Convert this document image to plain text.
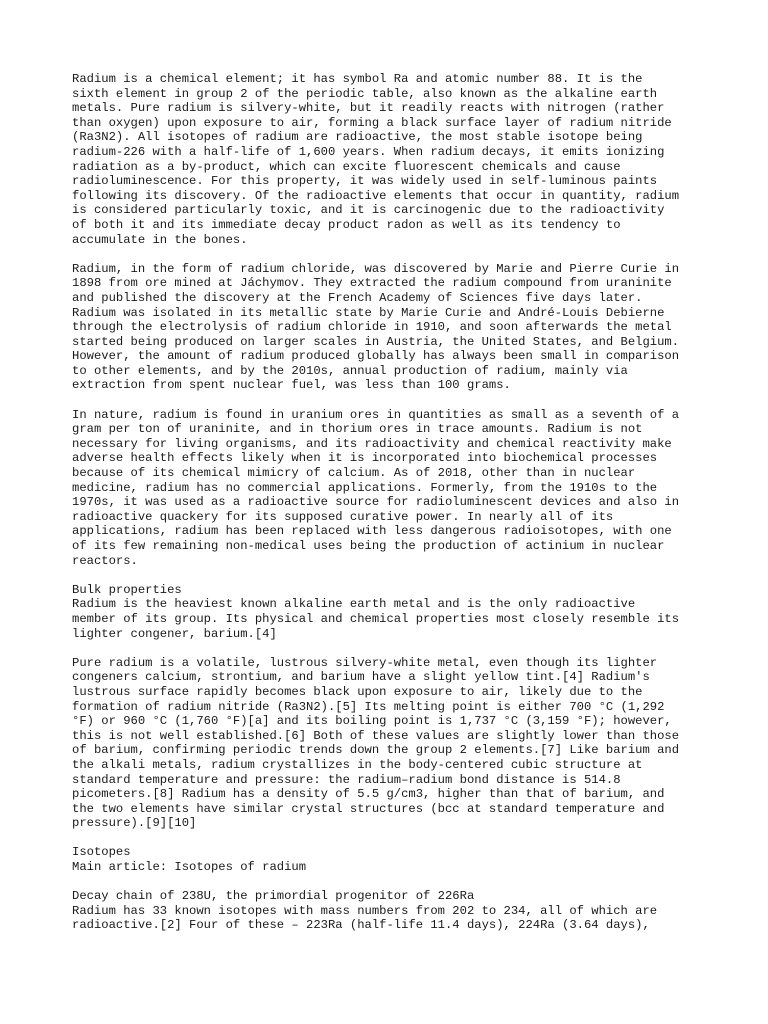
Radium is a chemical element; it has symbol Ra and atomic number 88. It is the
sixth element in group 2 of the periodic table, also known as the alkaline earth
metals. Pure radium is silvery-white, but it readily reacts with nitrogen (rather
than oxygen) upon exposure to air, forming a black surface layer of radium nitride
(Ra3N2). All isotopes of radium are radioactive, the most stable isotope being
radium-226 with a half-life of 1,600 years. When radium decays, it emits ionizing
radiation as a by-product, which can excite fluorescent chemicals and cause
radioluminescence. For this property, it was widely used in self-luminous paints
following its discovery. Of the radioactive elements that occur in quantity, radium
is considered particularly toxic, and it is carcinogenic due to the radioactivity
of both it and its immediate decay product radon as well as its tendency to
accumulate in the bones.
Radium, in the form of radium chloride, was discovered by Marie and Pierre Curie in
1898 from ore mined at Jáchymov. They extracted the radium compound from uraninite
and published the discovery at the French Academy of Sciences five days later.
Radium was isolated in its metallic state by Marie Curie and André-Louis Debierne
through the electrolysis of radium chloride in 1910, and soon afterwards the metal
started being produced on larger scales in Austria, the United States, and Belgium.
However, the amount of radium produced globally has always been small in comparison
to other elements, and by the 2010s, annual production of radium, mainly via
extraction from spent nuclear fuel, was less than 100 grams.
In nature, radium is found in uranium ores in quantities as small as a seventh of a
gram per ton of uraninite, and in thorium ores in trace amounts. Radium is not
necessary for living organisms, and its radioactivity and chemical reactivity make
adverse health effects likely when it is incorporated into biochemical processes
because of its chemical mimicry of calcium. As of 2018, other than in nuclear
medicine, radium has no commercial applications. Formerly, from the 1910s to the
1970s, it was used as a radioactive source for radioluminescent devices and also in
radioactive quackery for its supposed curative power. In nearly all of its
applications, radium has been replaced with less dangerous radioisotopes, with one
of its few remaining non-medical uses being the production of actinium in nuclear
reactors.
Bulk properties
Radium is the heaviest known alkaline earth metal and is the only radioactive
member of its group. Its physical and chemical properties most closely resemble its
lighter congener, barium.[4]
Pure radium is a volatile, lustrous silvery-white metal, even though its lighter
congeners calcium, strontium, and barium have a slight yellow tint.[4] Radium's
lustrous surface rapidly becomes black upon exposure to air, likely due to the
formation of radium nitride (Ra3N2).[5] Its melting point is either 700 °C (1,292
°F) or 960 °C (1,760 °F)[a] and its boiling point is 1,737 °C (3,159 °F); however,
this is not well established.[6] Both of these values are slightly lower than those
of barium, confirming periodic trends down the group 2 elements.[7] Like barium and
the alkali metals, radium crystallizes in the body-centered cubic structure at
standard temperature and pressure: the radium–radium bond distance is 514.8
picometers.[8] Radium has a density of 5.5 g/cm3, higher than that of barium, and
the two elements have similar crystal structures (bcc at standard temperature and
pressure).[9][10]
Isotopes
Main article: Isotopes of radium
Decay chain of 238U, the primordial progenitor of 226Ra
Radium has 33 known isotopes with mass numbers from 202 to 234, all of which are
radioactive.[2] Four of these – 223Ra (half-life 11.4 days), 224Ra (3.64 days),
